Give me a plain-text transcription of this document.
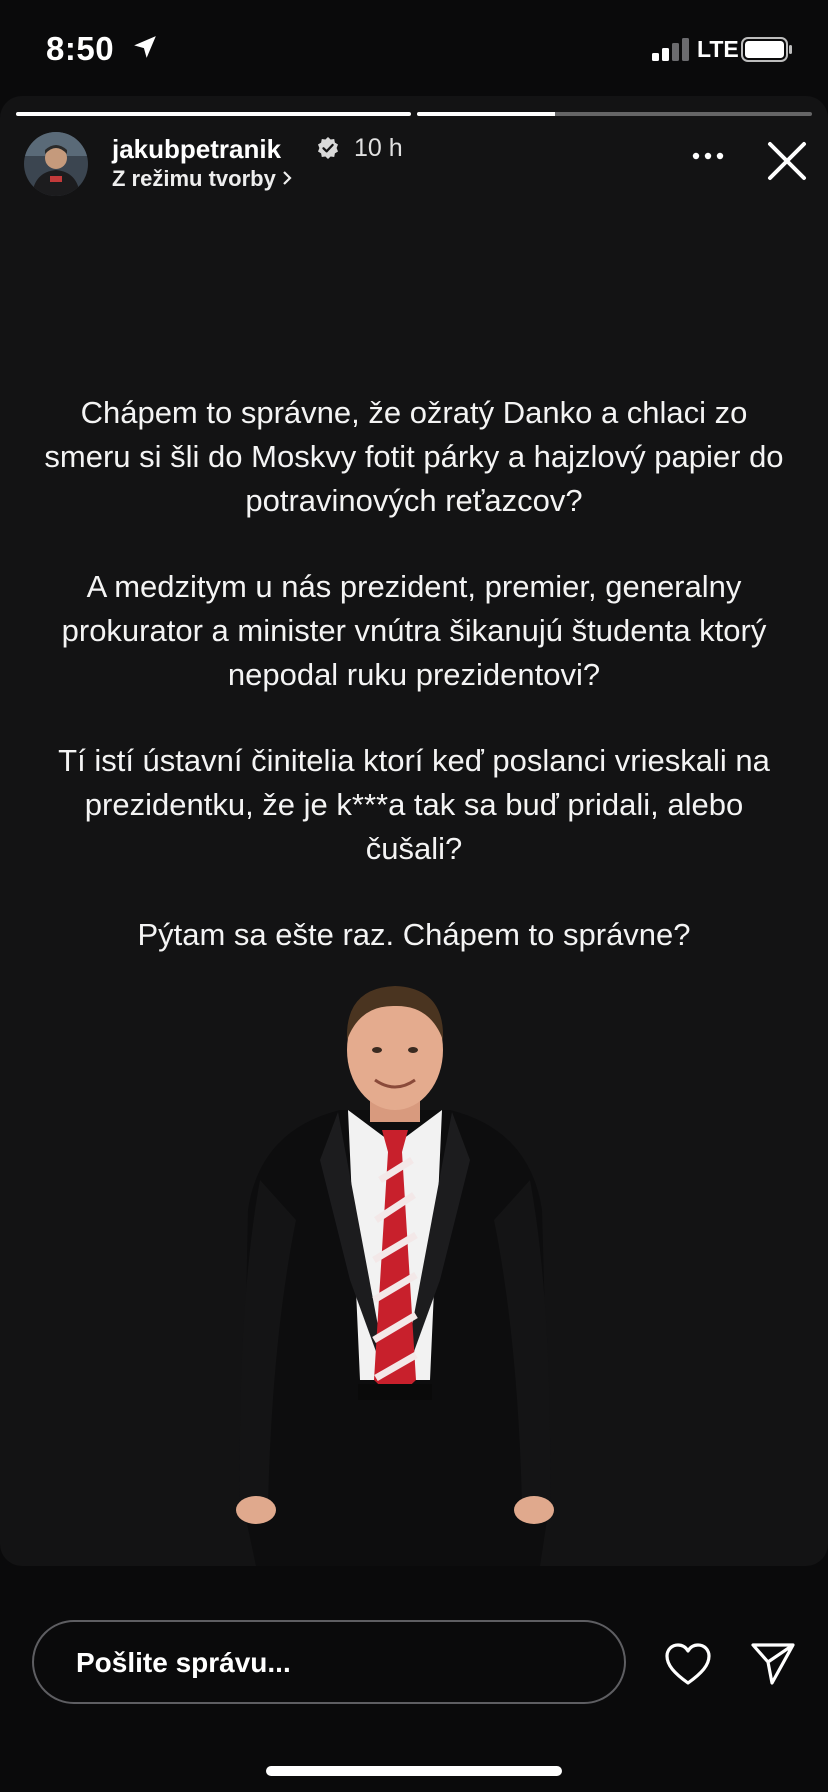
8:50	LTE
jakubpetranik	10 h
Z režimu tvorby

Chápem to správne, že ožratý Danko a chlaci zo smeru si šli do Moskvy fotit párky a hajzlový papier do potravinových reťazcov?

A medzitym u nás prezident, premier, generalny prokurator a minister vnútra šikanujú študenta ktorý nepodal ruku prezidentovi?

Tí istí ústavní činitelia ktorí keď poslanci vrieskali na prezidentku, že je k***a tak sa buď pridali, alebo čušali?

Pýtam sa ešte raz. Chápem to správne?

Pošlite správu...
